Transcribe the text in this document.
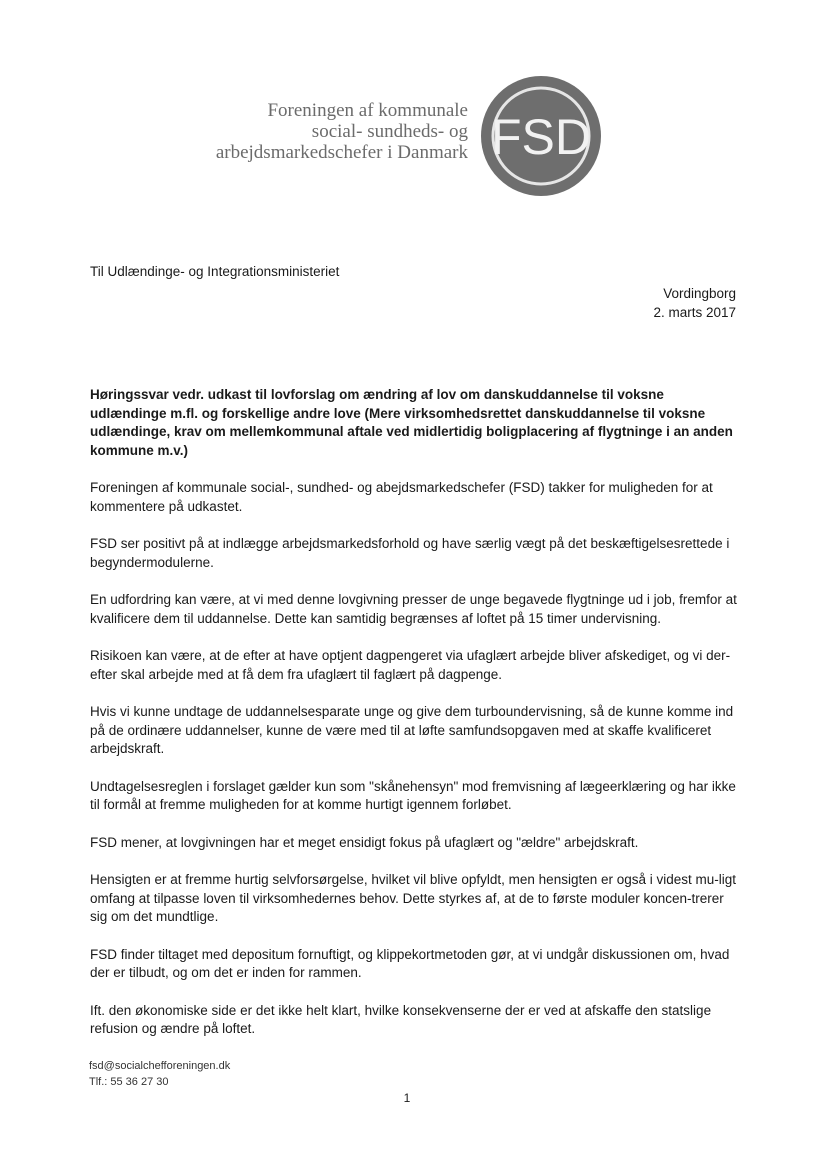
Foreningen af kommunale
social- sundheds- og
arbejdsmarkedschefer i Danmark FSD
Til Udlændinge- og Integrationsministeriet
Vordingborg
2. marts 2017

Høringssvar vedr. udkast til lovforslag om ændring af lov om danskuddannelse til voksne udlændinge m.fl. og forskellige andre love (Mere virksomhedsrettet danskuddannelse til voksne udlændinge, krav om mellemkommunal aftale ved midlertidig boligplacering af flygtninge i an anden kommune m.v.)

Foreningen af kommunale social-, sundhed- og abejdsmarkedschefer (FSD) takker for muligheden for at kommentere på udkastet.

FSD ser positivt på at indlægge arbejdsmarkedsforhold og have særlig vægt på det beskæftigelsesrettede i begyndermodulerne.

En udfordring kan være, at vi med denne lovgivning presser de unge begavede flygtninge ud i job, fremfor at kvalificere dem til uddannelse. Dette kan samtidig begrænses af loftet på 15 timer undervisning.

Risikoen kan være, at de efter at have optjent dagpengeret via ufaglært arbejde bliver afskediget, og vi der-efter skal arbejde med at få dem fra ufaglært til faglært på dagpenge.

Hvis vi kunne undtage de uddannelsesparate unge og give dem turboundervisning, så de kunne komme ind på de ordinære uddannelser, kunne de være med til at løfte samfundsopgaven med at skaffe kvalificeret arbejdskraft.

Undtagelsesreglen i forslaget gælder kun som "skånehensyn" mod fremvisning af lægeerklæring og har ikke til formål at fremme muligheden for at komme hurtigt igennem forløbet.

FSD mener, at lovgivningen har et meget ensidigt fokus på ufaglært og "ældre" arbejdskraft.

Hensigten er at fremme hurtig selvforsørgelse, hvilket vil blive opfyldt, men hensigten er også i videst mu-ligt omfang at tilpasse loven til virksomhedernes behov. Dette styrkes af, at de to første moduler koncen-trerer sig om det mundtlige.

FSD finder tiltaget med depositum fornuftigt, og klippekortmetoden gør, at vi undgår diskussionen om, hvad der er tilbudt, og om det er inden for rammen.

Ift. den økonomiske side er det ikke helt klart, hvilke konsekvenserne der er ved at afskaffe den statslige refusion og ændre på loftet.

fsd@socialchefforeningen.dk
Tlf.: 55 36 27 30
1
